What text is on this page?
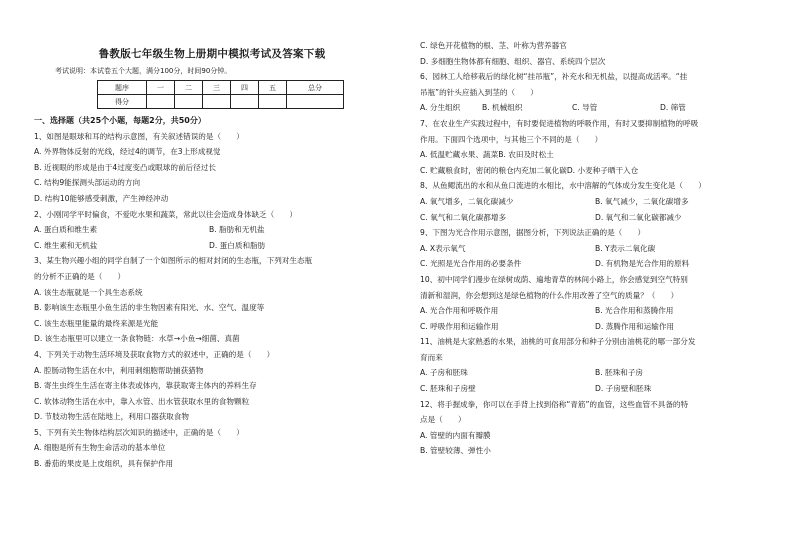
鲁教版七年级生物上册期中模拟考试及答案下载
考试说明：本试卷五个大题，满分100分，时间90分钟。
题序	一	二	三	四	五	总分
得分						
一、选择题（共25个小题，每题2分，共50分）
1、如图是眼球和耳的结构示意图，有关叙述错误的是（　　）
A. 外界物体反射的光线，经过4的调节，在3上形成视觉
B. 近视眼的形成是由于4过度变凸或眼球的前后径过长
C. 结构9能探测头部运动的方向
D. 结构10能够感受刺激，产生神经冲动
2、小刚同学平时偏食，不爱吃水果和蔬菜，常此以往会造成身体缺乏（　　）
A. 蛋白质和维生素	B. 脂肪和无机盐
C. 维生素和无机盐	D. 蛋白质和脂肪
3、某生物兴趣小组的同学自制了一个如图所示的相对封闭的生态瓶，下列对生态瓶
的分析不正确的是（　　）
A. 该生态瓶就是一个具生态系统
B. 影响该生态瓶里小鱼生活的非生物因素有阳光、水、空气、温度等
C. 该生态瓶里能量的最终来源是光能
D. 该生态瓶里可以建立一条食物链：水草→小鱼→细菌、真菌
4、下列关于动物生活环境及获取食物方式的叙述中，正确的是（　　）
A. 腔肠动物生活在水中，利用刺细胞帮助捕获猎物
B. 寄生虫终生生活在寄主体表或体内，靠获取寄主体内的养料生存
C. 软体动物生活在水中，靠入水管、出水管获取水里的食物颗粒
D. 节肢动物生活在陆地上，利用口器获取食物
5、下列有关生物体结构层次知识的描述中，正确的是（　　）
A. 细胞是所有生物生命活动的基本单位
B. 番茄的果皮是上皮组织，具有保护作用
C. 绿色开花植物的根、茎、叶称为营养器官
D. 多细胞生物体都有细胞、组织、器官、系统四个层次
6、园林工人给移栽后的绿化树“挂吊瓶”，补充水和无机盐，以提高成活率。“挂
吊瓶”的针头应插入到茎的（　　）
A. 分生组织	B. 机械组织	C. 导管	D. 筛管
7、在农业生产实践过程中，有时要促进植物的呼吸作用，有时又要抑制植物的呼吸
作用。下面四个选项中，与其他三个不同的是（　　）
A. 低温贮藏水果、蔬菜B. 农田及时松土
C. 贮藏粮食时，密闭的粮仓内充加二氧化碳D. 小麦种子晒干入仓
8、从鱼鳃流出的水和从鱼口流进的水相比，水中溶解的气体成分发生变化是（　　）
A. 氧气增多，二氧化碳减少	B. 氧气减少，二氧化碳增多
C. 氧气和二氧化碳都增多	D. 氧气和二氧化碳都减少
9、下图为光合作用示意图，据图分析，下列说法正确的是（　　）
A. X表示氧气	B. Y表示二氧化碳
C. 光照是光合作用的必要条件	D. 有机物是光合作用的原料
10、初中同学们漫步在绿树成荫、遍地青草的林间小路上，你会感觉到空气特别
清新和湿润，你会想到这是绿色植物的什么作用改善了空气的质量？（　　）
A. 光合作用和呼吸作用	B. 光合作用和蒸腾作用
C. 呼吸作用和运输作用	D. 蒸腾作用和运输作用
11、油桃是大家熟悉的水果，油桃的可食用部分和种子分别由油桃花的哪一部分发
育而来
A. 子房和胚珠	B. 胚珠和子房
C. 胚珠和子房壁	D. 子房壁和胚珠
12、将手握成拳，你可以在手背上找到俗称“青筋”的血管，这些血管不具备的特
点是（　　）
A. 管壁的内面有瓣膜
B. 管壁较薄、弹性小
